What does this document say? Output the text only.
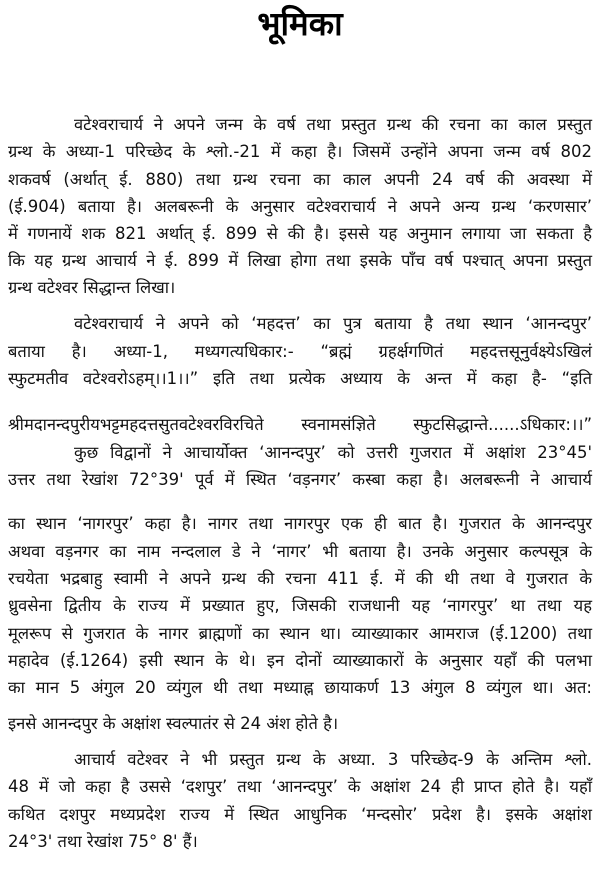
भूमिका
वटेश्वराचार्य ने अपने जन्म के वर्ष तथा प्रस्तुत ग्रन्थ की रचना का काल प्रस्तुत
ग्रन्थ के अध्या-1 परिच्छेद के श्लो.-21 में कहा है। जिसमें उन्होंने अपना जन्म वर्ष 802
शकवर्ष (अर्थात् ई. 880) तथा ग्रन्थ रचना का काल अपनी 24 वर्ष की अवस्था में
(ई.904) बताया है। अलबरूनी के अनुसार वटेश्वराचार्य ने अपने अन्य ग्रन्थ ‘करणसार’
में गणनायें शक 821 अर्थात् ई. 899 से की है। इससे यह अनुमान लगाया जा सकता है
कि यह ग्रन्थ आचार्य ने ई. 899 में लिखा होगा तथा इसके पाँच वर्ष पश्चात् अपना प्रस्तुत
ग्रन्थ वटेश्वर सिद्धान्त लिखा।
वटेश्वराचार्य ने अपने को ‘महदत्त’ का पुत्र बताया है तथा स्थान ‘आनन्दपुर’
बताया है। अध्या-1, मध्यगत्यधिकार:- “ब्रह्मं ग्रहर्क्षगणितं महदत्तसूनुर्वक्ष्येऽखिलं
स्फुटमतीव वटेश्वरोऽहम्।।1।।” इति तथा प्रत्येक अध्याय के अन्त में कहा है- “इति
श्रीमदानन्दपुरीयभट्टमहदत्तसुतवटेश्वरविरचिते स्वनामसंज्ञिते स्फुटसिद्धान्ते......ऽधिकार:।।”
कुछ विद्वानों ने आचार्योक्त ‘आनन्दपुर’ को उत्तरी गुजरात में अक्षांश 23°45'
उत्तर तथा रेखांश 72°39' पूर्व में स्थित ‘वड़नगर’ कस्बा कहा है। अलबरूनी ने आचार्य
का स्थान ‘नागरपुर’ कहा है। नागर तथा नागरपुर एक ही बात है। गुजरात के आनन्दपुर
अथवा वड़नगर का नाम नन्दलाल डे ने ‘नागर’ भी बताया है। उनके अनुसार कल्पसूत्र के
रचयेता भद्रबाहु स्वामी ने अपने ग्रन्थ की रचना 411 ई. में की थी तथा वे गुजरात के
ध्रुवसेना द्वितीय के राज्य में प्रख्यात हुए, जिसकी राजधानी यह ‘नागरपुर’ था तथा यह
मूलरूप से गुजरात के नागर ब्राह्मणों का स्थान था। व्याख्याकार आमराज (ई.1200) तथा
महादेव (ई.1264) इसी स्थान के थे। इन दोनों व्याख्याकारों के अनुसार यहाँ की पलभा
का मान 5 अंगुल 20 व्यंगुल थी तथा मध्याह्न छायाकर्ण 13 अंगुल 8 व्यंगुल था। अत:
इनसे आनन्दपुर के अक्षांश स्वल्पातंर से 24 अंश होते है।
आचार्य वटेश्वर ने भी प्रस्तुत ग्रन्थ के अध्या. 3 परिच्छेद-9 के अन्तिम श्लो.
48 में जो कहा है उससे ‘दशपुर’ तथा ‘आनन्दपुर’ के अक्षांश 24 ही प्राप्त होते है। यहाँ
कथित दशपुर मध्यप्रदेश राज्य में स्थित आधुनिक ‘मन्दसोर’ प्रदेश है। इसके अक्षांश
24°3' तथा रेखांश 75° 8' हैं।
